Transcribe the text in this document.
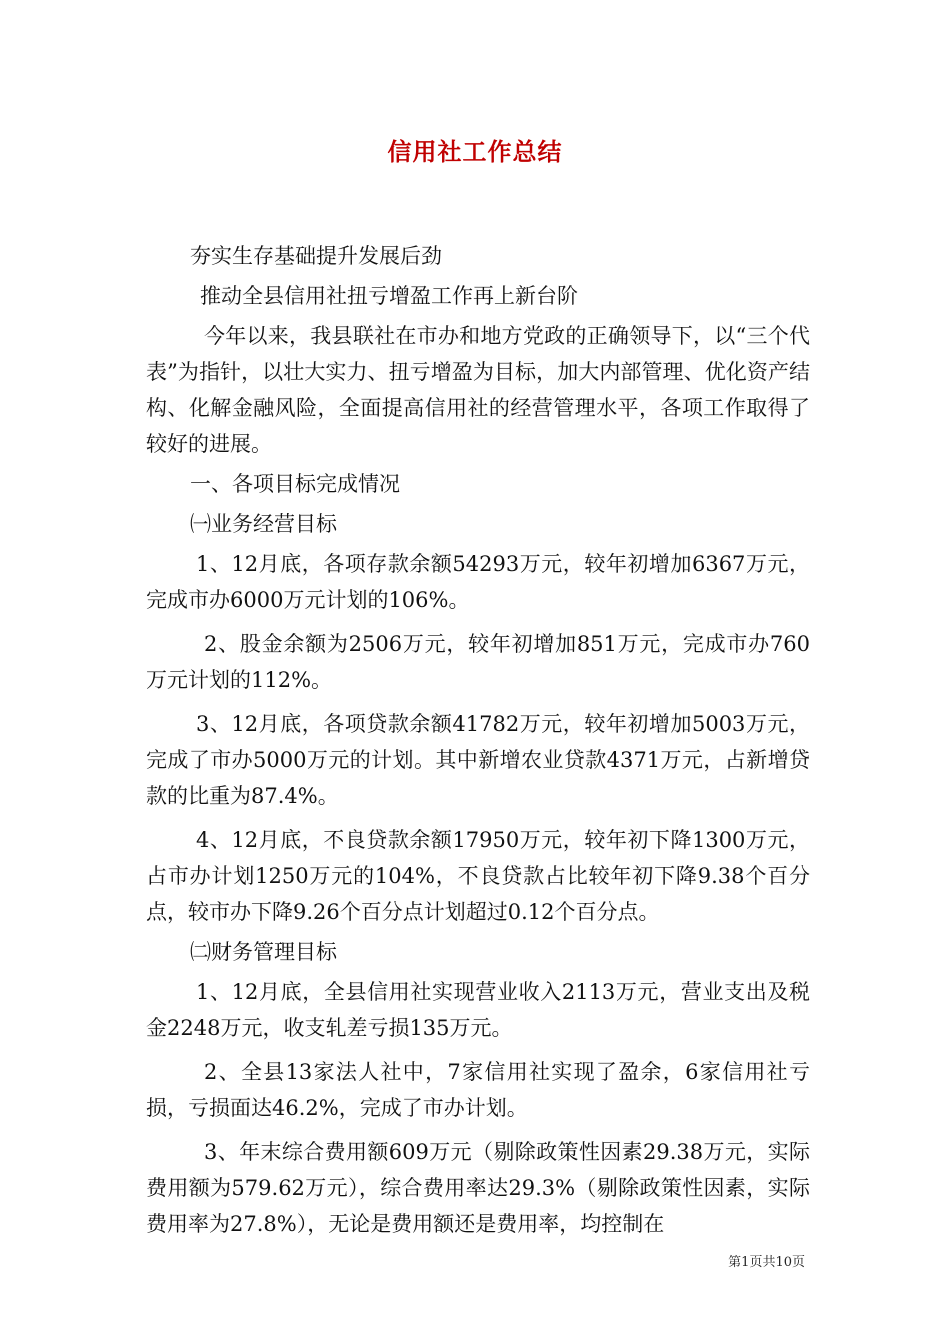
信用社工作总结

夯实生存基础提升发展后劲

推动全县信用社扭亏增盈工作再上新台阶

今年以来，我县联社在市办和地方党政的正确领导下，以“三个代表”为指针，以壮大实力、扭亏增盈为目标，加大内部管理、优化资产结构、化解金融风险，全面提高信用社的经营管理水平，各项工作取得了较好的进展。

一、各项目标完成情况

㈠业务经营目标

1、12月底，各项存款余额54293万元，较年初增加6367万元，完成市办6000万元计划的106%。

2、股金余额为2506万元，较年初增加851万元，完成市办760万元计划的112%。

3、12月底，各项贷款余额41782万元，较年初增加5003万元，完成了市办5000万元的计划。其中新增农业贷款4371万元，占新增贷款的比重为87.4%。

4、12月底，不良贷款余额17950万元，较年初下降1300万元，占市办计划1250万元的104%，不良贷款占比较年初下降9.38个百分点，较市办下降9.26个百分点计划超过0.12个百分点。

㈡财务管理目标

1、12月底，全县信用社实现营业收入2113万元，营业支出及税金2248万元，收支轧差亏损135万元。

2、全县13家法人社中，7家信用社实现了盈余，6家信用社亏损，亏损面达46.2%，完成了市办计划。

3、年末综合费用额609万元（剔除政策性因素29.38万元，实际费用额为579.62万元），综合费用率达29.3%（剔除政策性因素，实际费用率为27.8%），无论是费用额还是费用率，均控制在

第1页共10页
